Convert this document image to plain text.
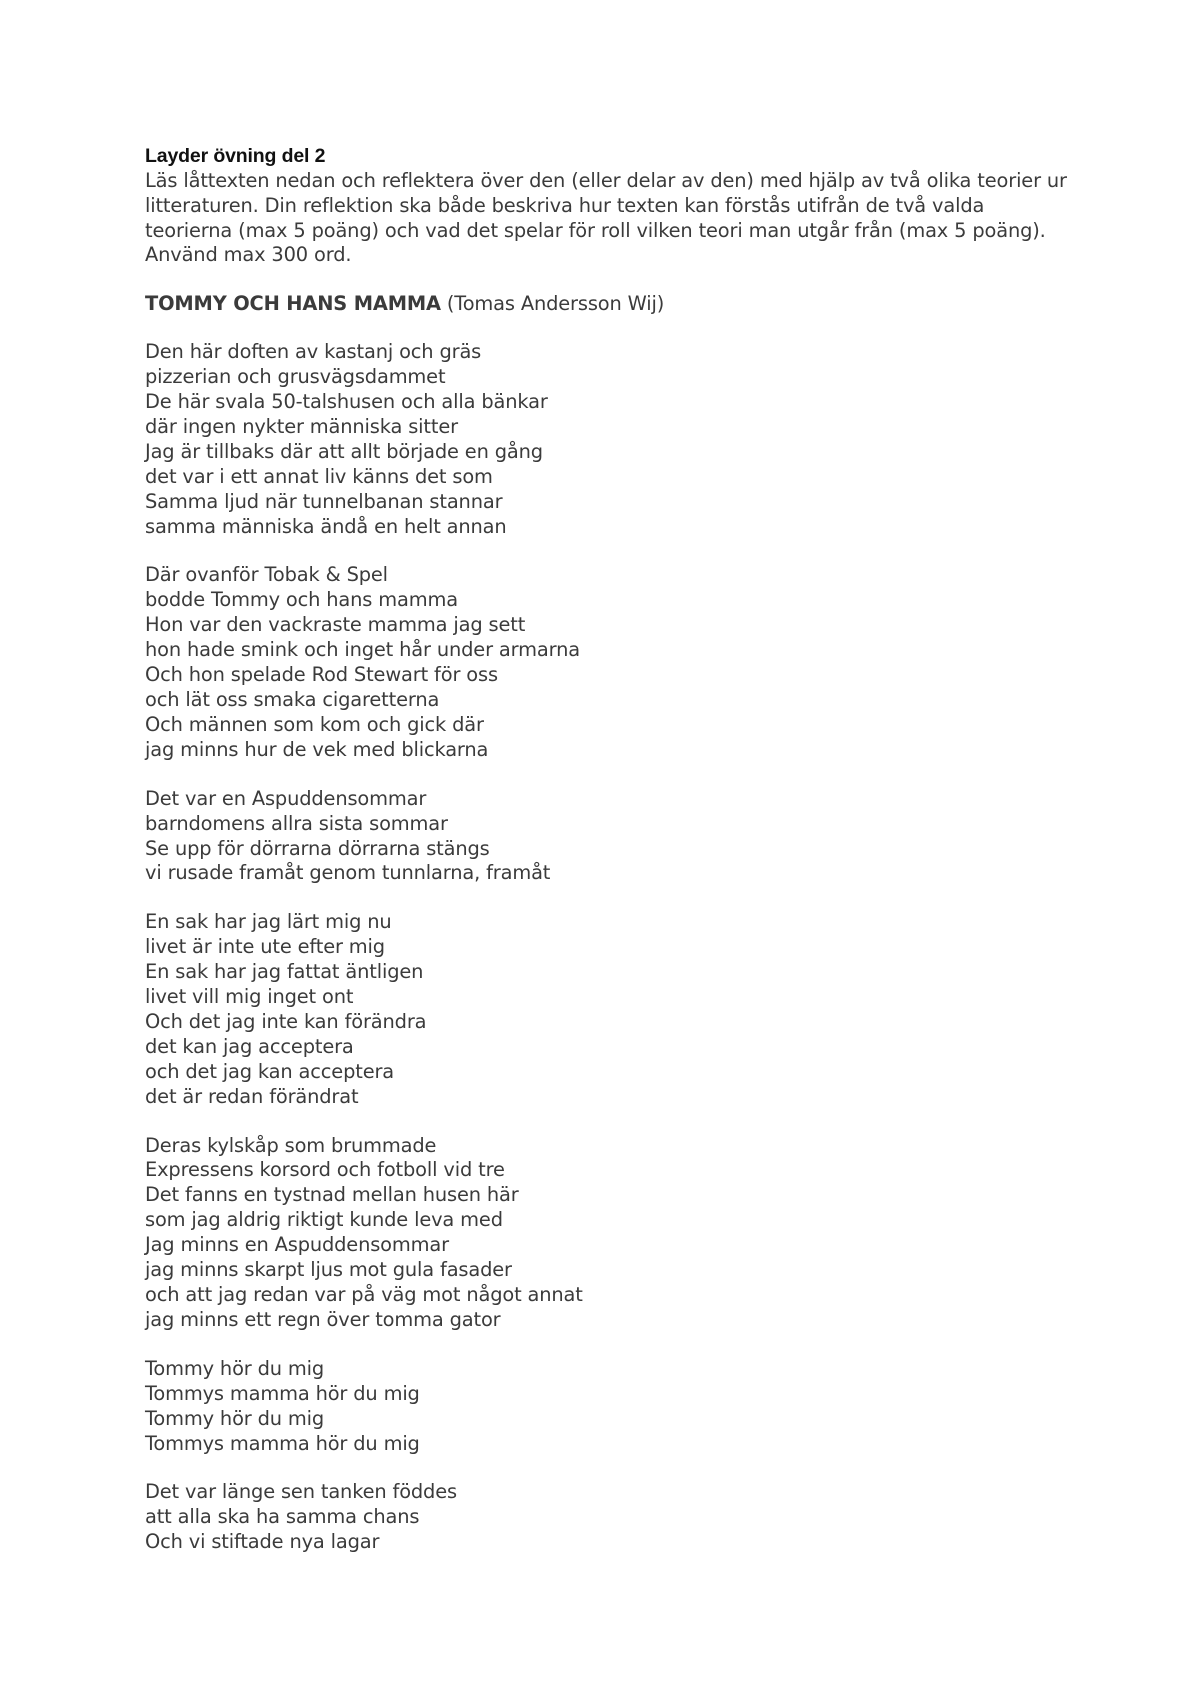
Layder övning del 2

Läs låttexten nedan och reflektera över den (eller delar av den) med hjälp av två olika teorier ur litteraturen. Din reflektion ska både beskriva hur texten kan förstås utifrån de två valda teorierna (max 5 poäng) och vad det spelar för roll vilken teori man utgår från (max 5 poäng). Använd max 300 ord.

TOMMY OCH HANS MAMMA (Tomas Andersson Wij)

Den här doften av kastanj och gräs
pizzerian och grusvägsdammet
De här svala 50-talshusen och alla bänkar
där ingen nykter människa sitter
Jag är tillbaks där att allt började en gång
det var i ett annat liv känns det som
Samma ljud när tunnelbanan stannar
samma människa ändå en helt annan
Där ovanför Tobak & Spel
bodde Tommy och hans mamma
Hon var den vackraste mamma jag sett
hon hade smink och inget hår under armarna
Och hon spelade Rod Stewart för oss
och lät oss smaka cigaretterna
Och männen som kom och gick där
jag minns hur de vek med blickarna
Det var en Aspuddensommar
barndomens allra sista sommar
Se upp för dörrarna dörrarna stängs
vi rusade framåt genom tunnlarna, framåt
En sak har jag lärt mig nu
livet är inte ute efter mig
En sak har jag fattat äntligen
livet vill mig inget ont
Och det jag inte kan förändra
det kan jag acceptera
och det jag kan acceptera
det är redan förändrat
Deras kylskåp som brummade
Expressens korsord och fotboll vid tre
Det fanns en tystnad mellan husen här
som jag aldrig riktigt kunde leva med
Jag minns en Aspuddensommar
jag minns skarpt ljus mot gula fasader
och att jag redan var på väg mot något annat
jag minns ett regn över tomma gator
Tommy hör du mig
Tommys mamma hör du mig
Tommy hör du mig
Tommys mamma hör du mig
Det var länge sen tanken föddes
att alla ska ha samma chans
Och vi stiftade nya lagar
